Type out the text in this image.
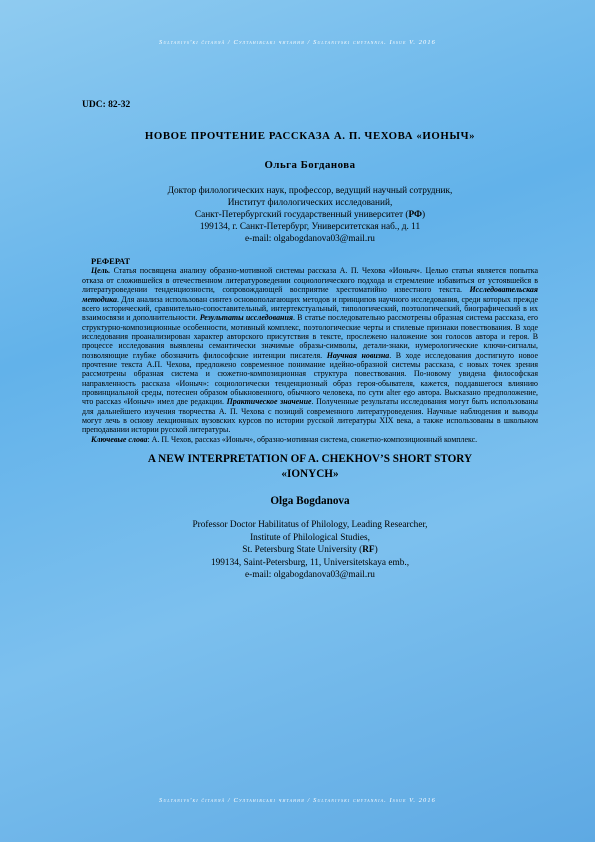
Sultanivs'ki čitannâ / Султанівські читання / Sultanivski chytannia. Issue V. 2016
UDC: 82-32
НОВОЕ ПРОЧТЕНИЕ РАССКАЗА А. П. ЧЕХОВА «ИОНЫЧ»
Ольга Богданова
Доктор филологических наук, профессор, ведущий научный сотрудник,
Институт филологических исследований,
Санкт-Петербургский государственный университет (РФ)
199134, г. Санкт-Петербург, Университетская наб., д. 11
e-mail: olgabogdanova03@mail.ru
РЕФЕРАТ

Цель. Статья посвящена анализу образно-мотивной системы рассказа А. П. Чехова «Ионыч». Целью статьи является попытка отказа от сложившейся в отечественном литературоведении социологического подхода и стремление избавиться от устоявшейся в литературоведении тенденциозности, сопровождающей восприятие хрестоматийно известного текста. Исследовательская методика. Для анализа использован синтез основополагающих методов и принципов научного исследования, среди которых прежде всего исторический, сравнительно-сопоставительный, интертекстуальный, типологический, поэтологический, биографический в их взаимосвязи и дополнительности. Результаты исследования. В статье последовательно рассмотрены образная система рассказа, его структурно-композиционные особенности, мотивный комплекс, поэтологические черты и стилевые признаки повествования. В ходе исследования проанализирован характер авторского присутствия в тексте, прослежено наложение зон голосов автора и героя. В процессе исследования выявлены семантически значимые образы-символы, детали-знаки, нумерологические ключи-сигналы, позволяющие глубже обозначить философские интенции писателя. Научная новизна. В ходе исследования достигнуто новое прочтение текста А.П. Чехова, предложено современное понимание идейно-образной системы рассказа, с новых точек зрения рассмотрены образная система и сюжетно-композиционная структура повествования. По-новому увидена философская направленность рассказа «Ионыч»: социологически тенденциозный образ героя-обывателя, кажется, поддавшегося влиянию провинциальной среды, потеснен образом обыкновенного, обычного человека, по сути alter ego автора. Высказано предположение, что рассказ «Ионыч» имел две редакции. Практическое значение. Полученные результаты исследования могут быть использованы для дальнейшего изучения творчества А. П. Чехова с позиций современного литературоведения. Научные наблюдения и выводы могут лечь в основу лекционных вузовских курсов по истории русской литературы XIX века, а также использованы в школьном преподавании истории русской литературы.

Ключевые слова: А. П. Чехов, рассказ «Ионыч», образно-мотивная система, сюжетно-композиционный комплекс.

A NEW INTERPRETATION OF A. CHEKHOV’S SHORT STORY
«IONYCH»
Olga Bogdanova
Professor Doctor Habilitatus of Philology, Leading Researcher,
Institute of Philological Studies,
St. Petersburg State University (RF)
199134, Saint-Petersburg, 11, Universitetskaya emb.,
e-mail: olgabogdanova03@mail.ru
Sultanivs'ki čitannâ / Султанівські читання / Sultanivski chytannia. Issue V. 2016
